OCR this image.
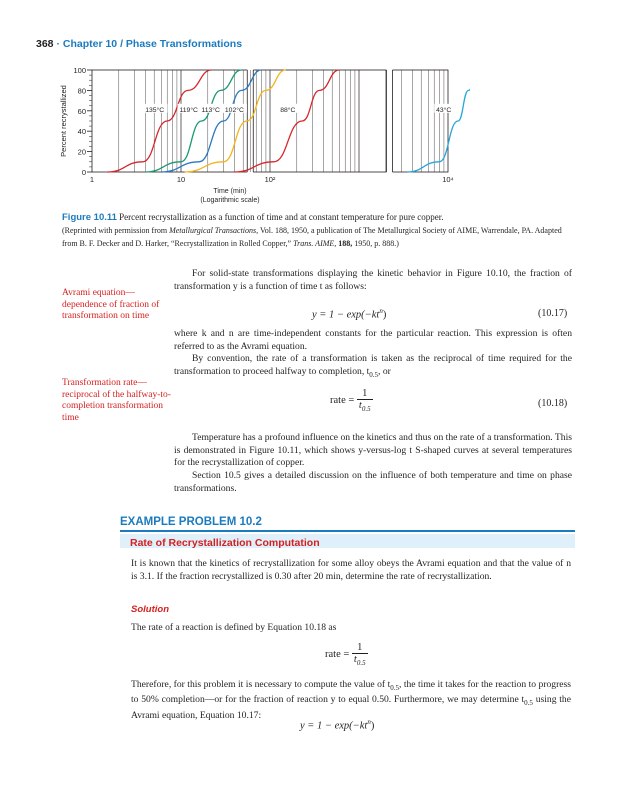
368 · Chapter 10 / Phase Transformations
0
20
40
60
80
100
1	10	10²	10⁴
Percent recrystallized
Time (min)
(Logarithmic scale)
135°C 119°C 113°C 102°C	88°C	43°C
Figure 10.11 Percent recrystallization as a function of time and at constant temperature for pure copper.
(Reprinted with permission from Metallurgical Transactions, Vol. 188, 1950, a publication of The Metallurgical Society of AIME, Warrendale, PA. Adapted from B. F. Decker and D. Harker, “Recrystallization in Rolled Copper,” Trans. AIME, 188, 1950, p. 888.)
Avrami equation—dependence of fraction of transformation on time
Transformation rate—reciprocal of the halfway-to-completion transformation time
For solid-state transformations displaying the kinetic behavior in Figure 10.10, the fraction of transformation y is a function of time t as follows:
$y = 1 - \exp(-kt^n)$	(10.17)
where k and n are time-independent constants for the particular reaction. This expression is often referred to as the Avrami equation.
By convention, the rate of a transformation is taken as the reciprocal of time required for the transformation to proceed halfway to completion, $t_{0.5}$, or
rate = $\frac{1}{t_{0.5}}$	(10.18)
Temperature has a profound influence on the kinetics and thus on the rate of a transformation. This is demonstrated in Figure 10.11, which shows y-versus-log t S-shaped curves at several temperatures for the recrystallization of copper.
Section 10.5 gives a detailed discussion on the influence of both temperature and time on phase transformations.
EXAMPLE PROBLEM 10.2
Rate of Recrystallization Computation
It is known that the kinetics of recrystallization for some alloy obeys the Avrami equation and that the value of n is 3.1. If the fraction recrystallized is 0.30 after 20 min, determine the rate of recrystallization.
Solution
The rate of a reaction is defined by Equation 10.18 as
rate = $\frac{1}{t_{0.5}}$
Therefore, for this problem it is necessary to compute the value of $t_{0.5}$, the time it takes for the reaction to progress to 50% completion—or for the fraction of reaction y to equal 0.50. Furthermore, we may determine $t_{0.5}$ using the Avrami equation, Equation 10.17:
$y = 1 - \exp(-kt^n)$
